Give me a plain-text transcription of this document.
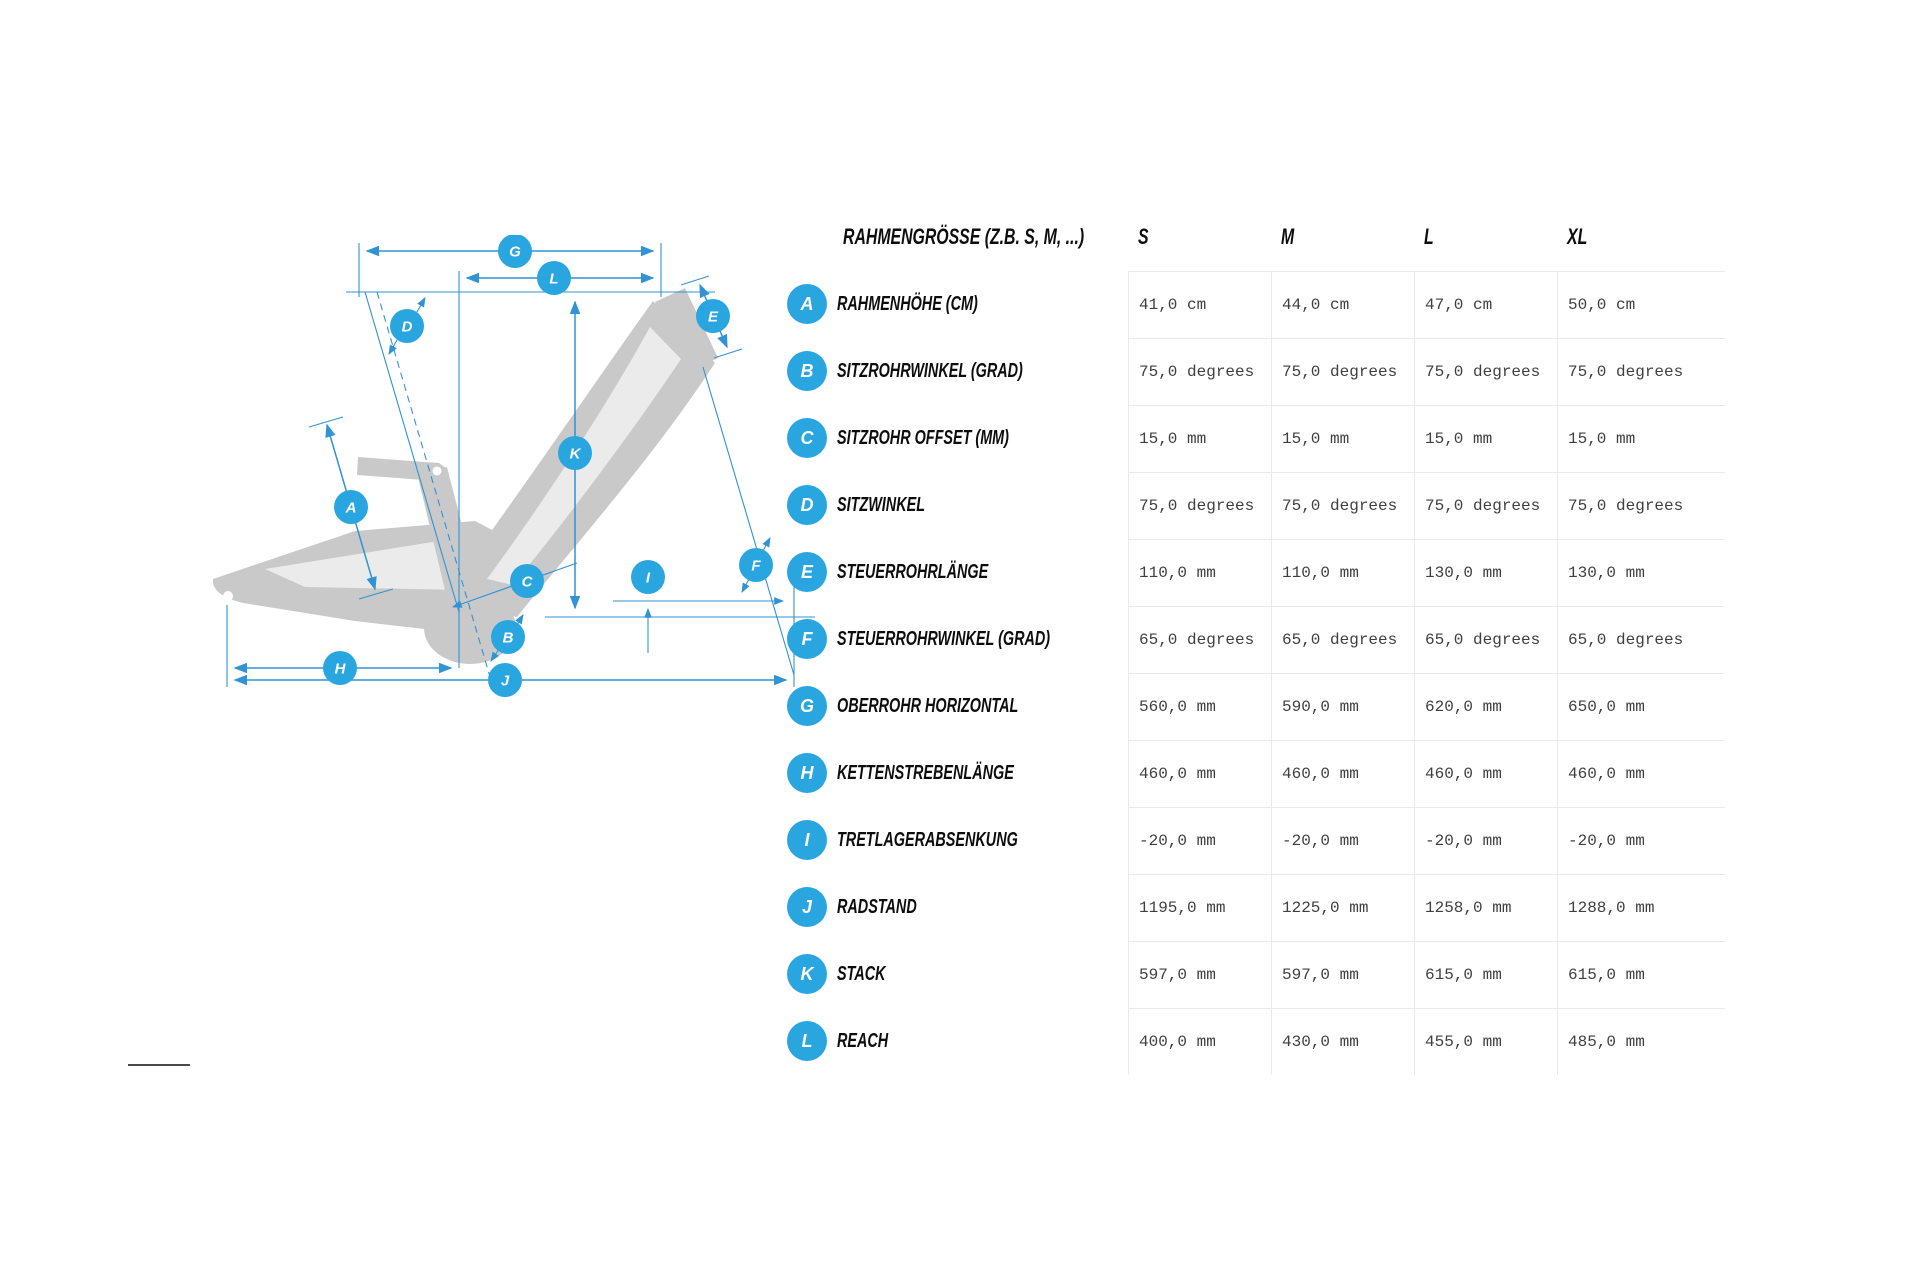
G
L
D
E
A
K
C
B
I
F
H
J
RAHMENGRÖSSE (Z.B. S, M, ...) S	M	L	XL
A	RAHMENHÖHE (CM)	41,0 cm	44,0 cm	47,0 cm	50,0 cm
B	SITZROHRWINKEL (GRAD)	75,0 degrees	75,0 degrees	75,0 degrees	75,0 degrees
C	SITZROHR OFFSET (MM)	15,0 mm	15,0 mm	15,0 mm	15,0 mm
D	SITZWINKEL	75,0 degrees	75,0 degrees	75,0 degrees	75,0 degrees
E	STEUERROHRLÄNGE	110,0 mm	110,0 mm	130,0 mm	130,0 mm
F	STEUERROHRWINKEL (GRAD)	65,0 degrees	65,0 degrees	65,0 degrees	65,0 degrees
G	OBERROHR HORIZONTAL	560,0 mm	590,0 mm	620,0 mm	650,0 mm
H	KETTENSTREBENLÄNGE	460,0 mm	460,0 mm	460,0 mm	460,0 mm
I	TRETLAGERABSENKUNG	-20,0 mm	-20,0 mm	-20,0 mm	-20,0 mm
J	RADSTAND	1195,0 mm	1225,0 mm	1258,0 mm	1288,0 mm
K	STACK	597,0 mm	597,0 mm	615,0 mm	615,0 mm
L	REACH	400,0 mm	430,0 mm	455,0 mm	485,0 mm
